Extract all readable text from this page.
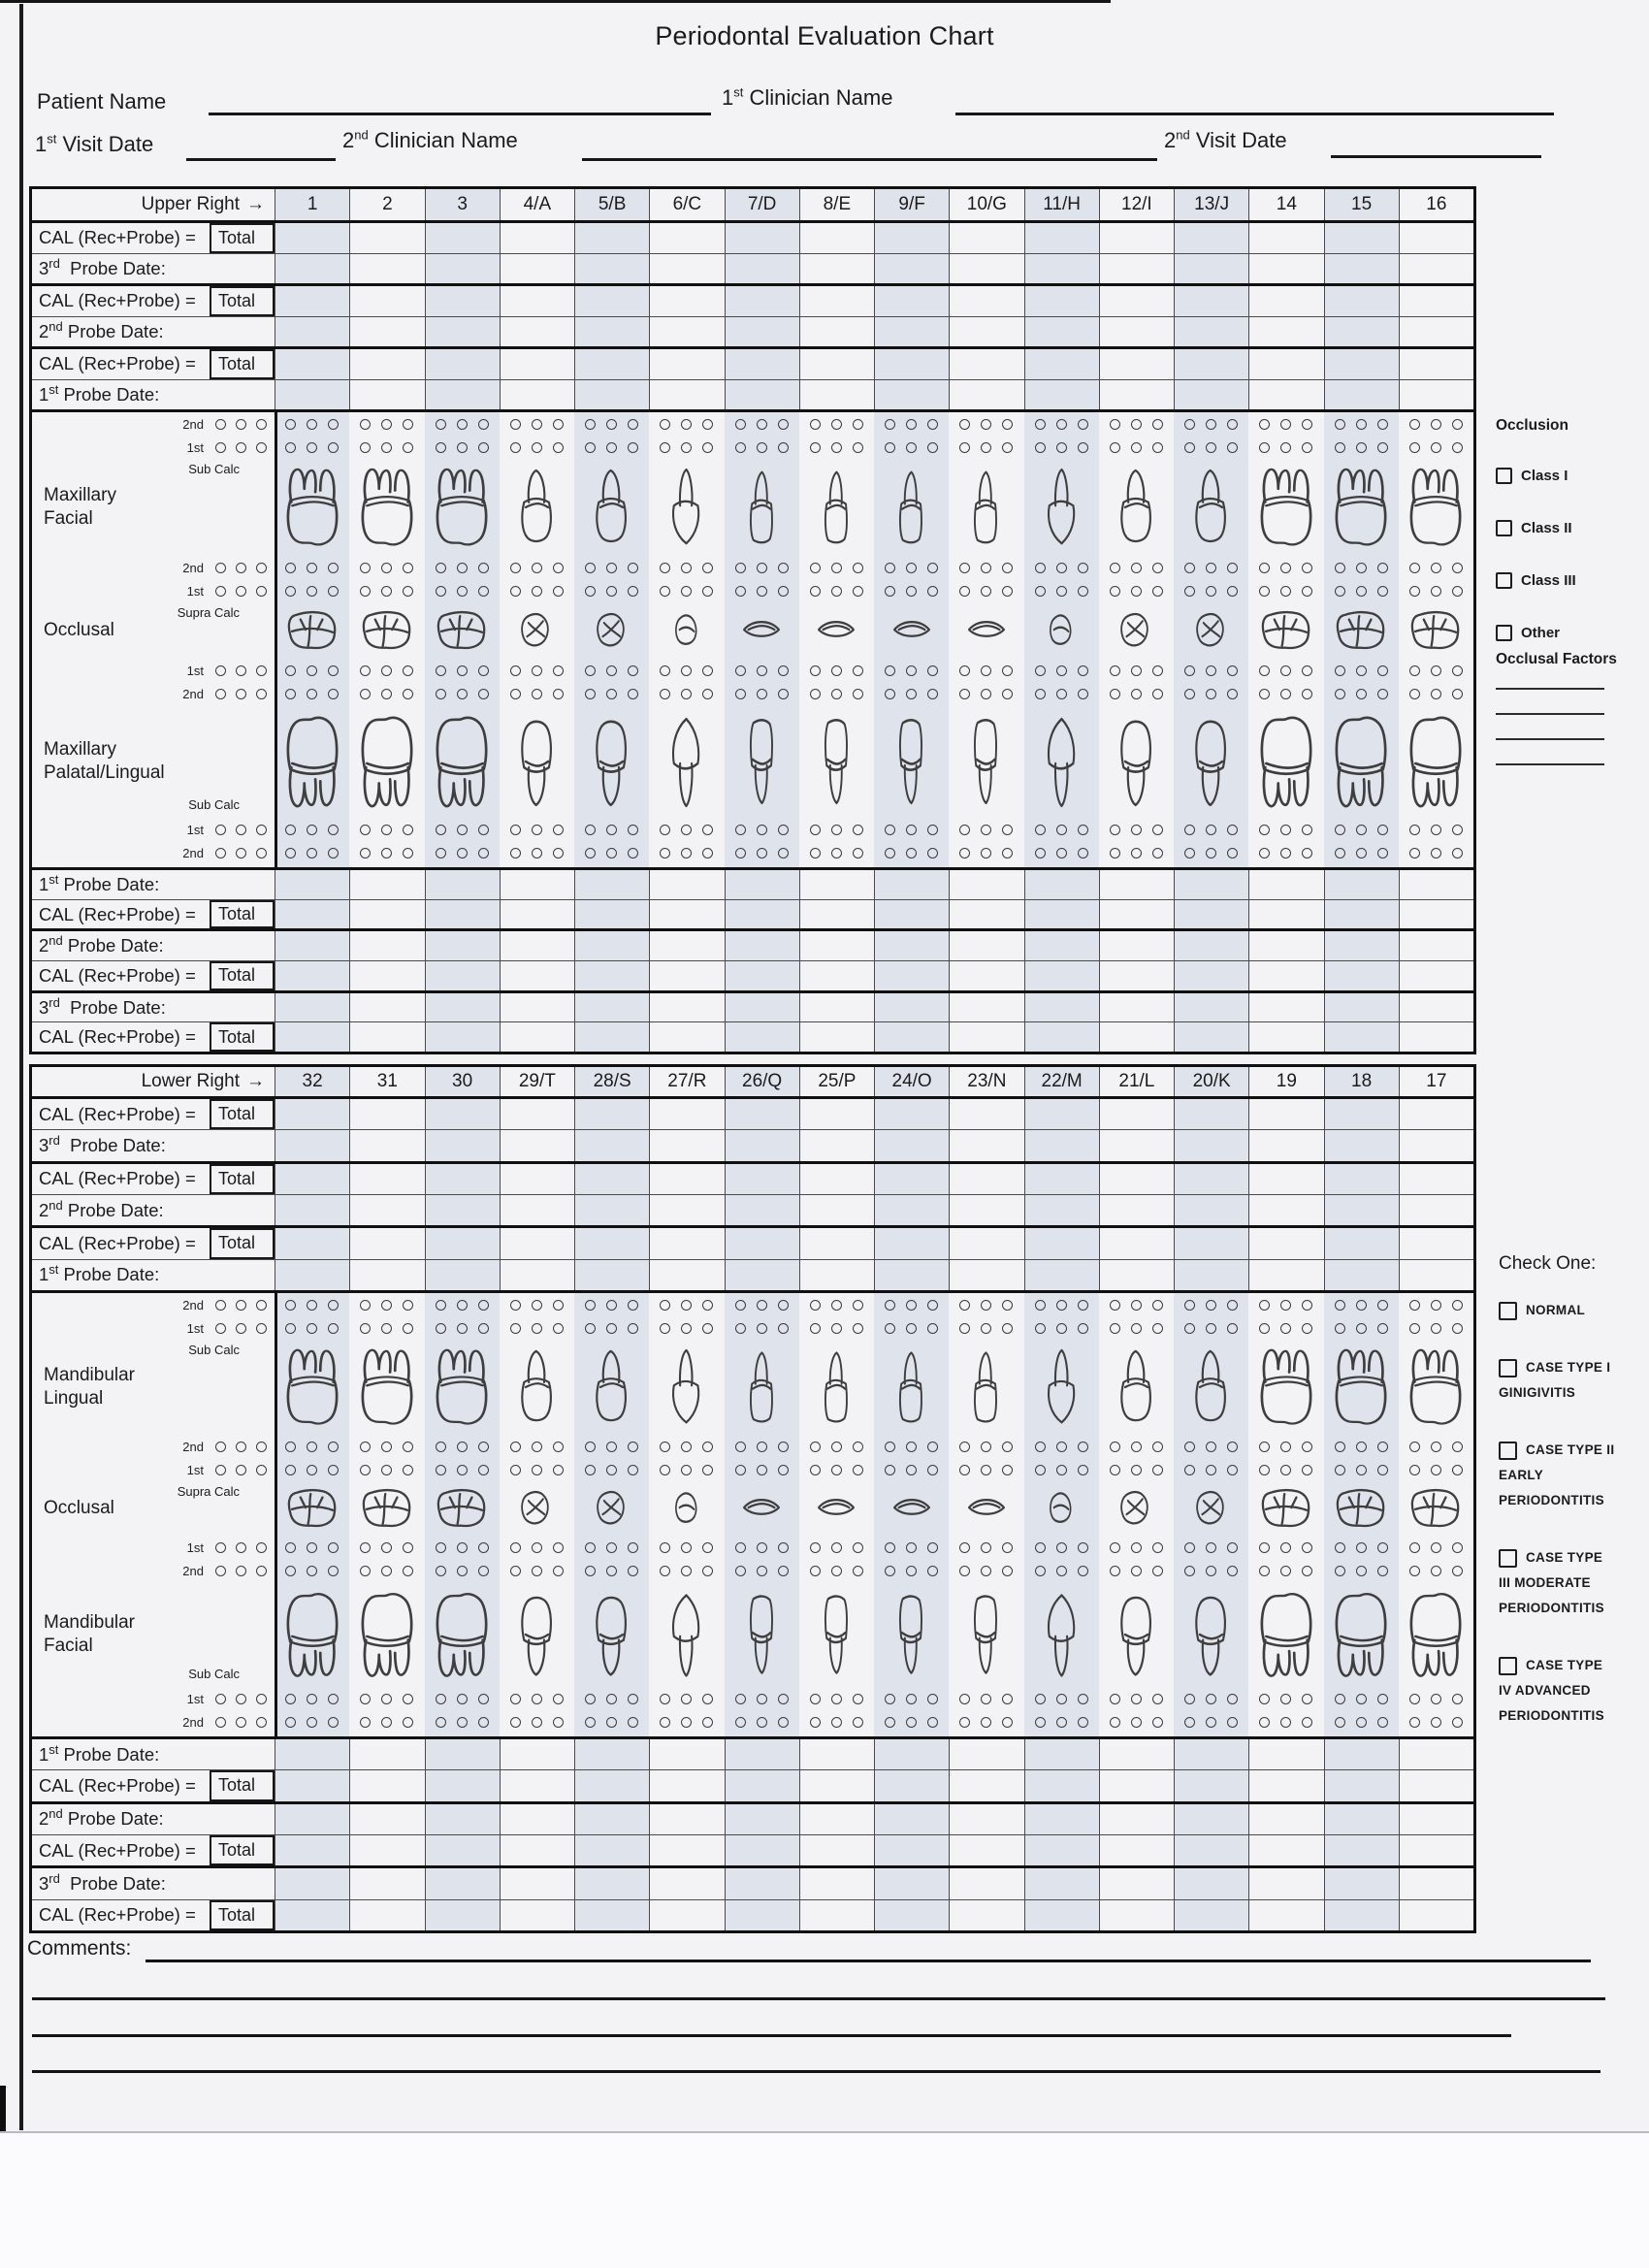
Periodontal Evaluation Chart
Patient Name	1st Clinician Name
1st Visit Date	2nd Clinician Name	2nd Visit Date
Upper Right →	1	2	3	4/A	5/B	6/C	7/D	8/E	9/F	10/G	11/H	12/I	13/J	14	15	16
CAL (Rec+Probe) =	Total
3rd  Probe Date:
CAL (Rec+Probe) =	Total
2nd Probe Date:
CAL (Rec+Probe) =	Total
1st Probe Date:
2nd
1st
Sub Calc
Maxillary
Facial
2nd
1st
Supra Calc
Occlusal
1st
2nd
Sub Calc
Maxillary
Palatal/Lingual
1st
2nd
1st Probe Date:
CAL (Rec+Probe) =	Total
2nd Probe Date:
CAL (Rec+Probe) =	Total
3rd  Probe Date:
CAL (Rec+Probe) =	Total
Lower Right →	32	31	30	29/T	28/S	27/R	26/Q	25/P	24/O	23/N	22/M	21/L	20/K	19	18	17
CAL (Rec+Probe) =	Total
3rd  Probe Date:
CAL (Rec+Probe) =	Total
2nd Probe Date:
CAL (Rec+Probe) =	Total
1st Probe Date:
2nd
1st
Sub Calc
Mandibular
Lingual
2nd
1st
Supra Calc
Occlusal
1st
2nd
Sub Calc
Mandibular
Facial
1st
2nd
1st Probe Date:
CAL (Rec+Probe) =	Total
2nd Probe Date:
CAL (Rec+Probe) =	Total
3rd  Probe Date:
CAL (Rec+Probe) =	Total
Occlusion
Class I
Class II
Class III
Other
Occlusal Factors
Check One:
NORMAL
CASE TYPE I
GINIGIVITIS
CASE TYPE II
EARLY
PERIODONTITIS
CASE TYPE
III MODERATE
PERIODONTITIS
CASE TYPE
IV ADVANCED
PERIODONTITIS
Comments:
